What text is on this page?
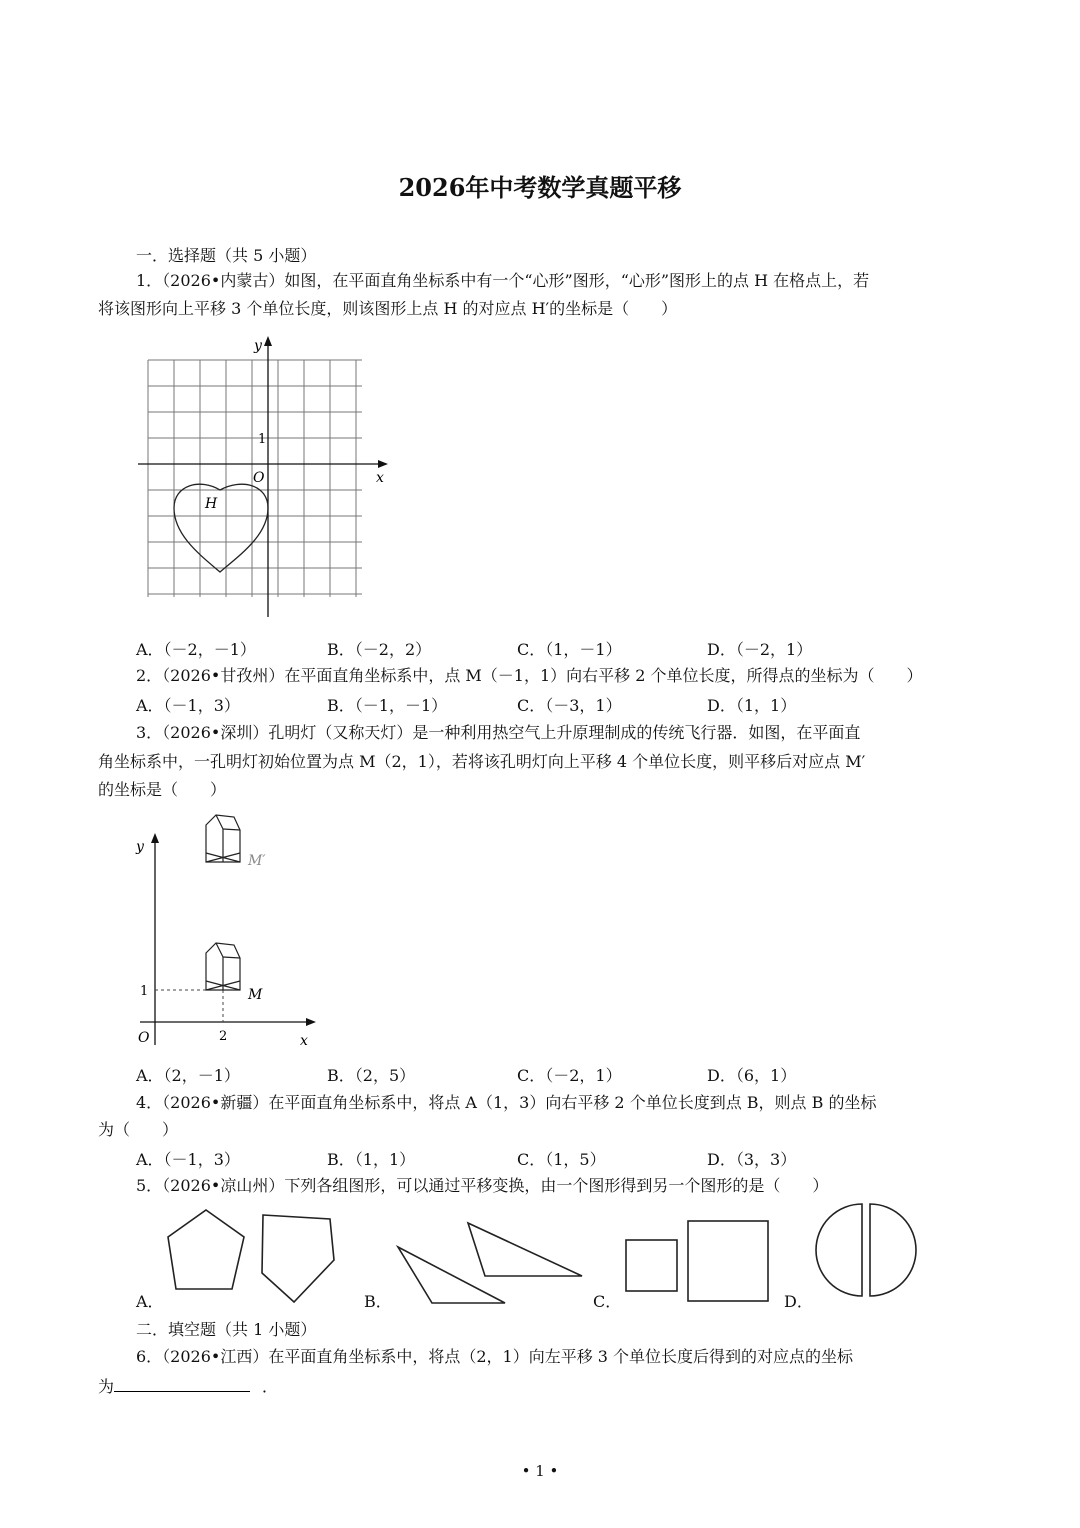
2026年中考数学真题平移
一．选择题（共 5 小题）
1．（2026•内蒙古）如图，在平面直角坐标系中有一个“心形”图形，“心形”图形上的点 H 在格点上，若
将该图形向上平移 3 个单位长度，则该图形上点 H 的对应点 H′的坐标是（　　）
y
x
O
1
H
A．（－2，－1）	B．（－2，2）	C．（1，－1）	D．（－2，1）
2．（2026•甘孜州）在平面直角坐标系中，点 M（－1，1）向右平移 2 个单位长度，所得点的坐标为（　　）
A．（－1，3）	B．（－1，－1）	C．（－3，1）	D．（1，1）
3．（2026•深圳）孔明灯（又称天灯）是一种利用热空气上升原理制成的传统飞行器．如图，在平面直
角坐标系中，一孔明灯初始位置为点 M（2，1），若将该孔明灯向上平移 4 个单位长度，则平移后对应点 M′
的坐标是（　　）
y
x
O
1
2
M
M′
A．（2，－1）	B．（2，5）	C．（－2，1）	D．（6，1）
4．（2026•新疆）在平面直角坐标系中，将点 A（1，3）向右平移 2 个单位长度到点 B，则点 B 的坐标
为（　　）
A．（－1，3）	B．（1，1）	C．（1，5）	D．（3，3）
5．（2026•凉山州）下列各组图形，可以通过平移变换，由一个图形得到另一个图形的是（　　）
A．	B．	C．	D．
二．填空题（共 1 小题）
6．（2026•江西）在平面直角坐标系中，将点（2，1）向左平移 3 个单位长度后得到的对应点的坐标
为	．
• 1 •
